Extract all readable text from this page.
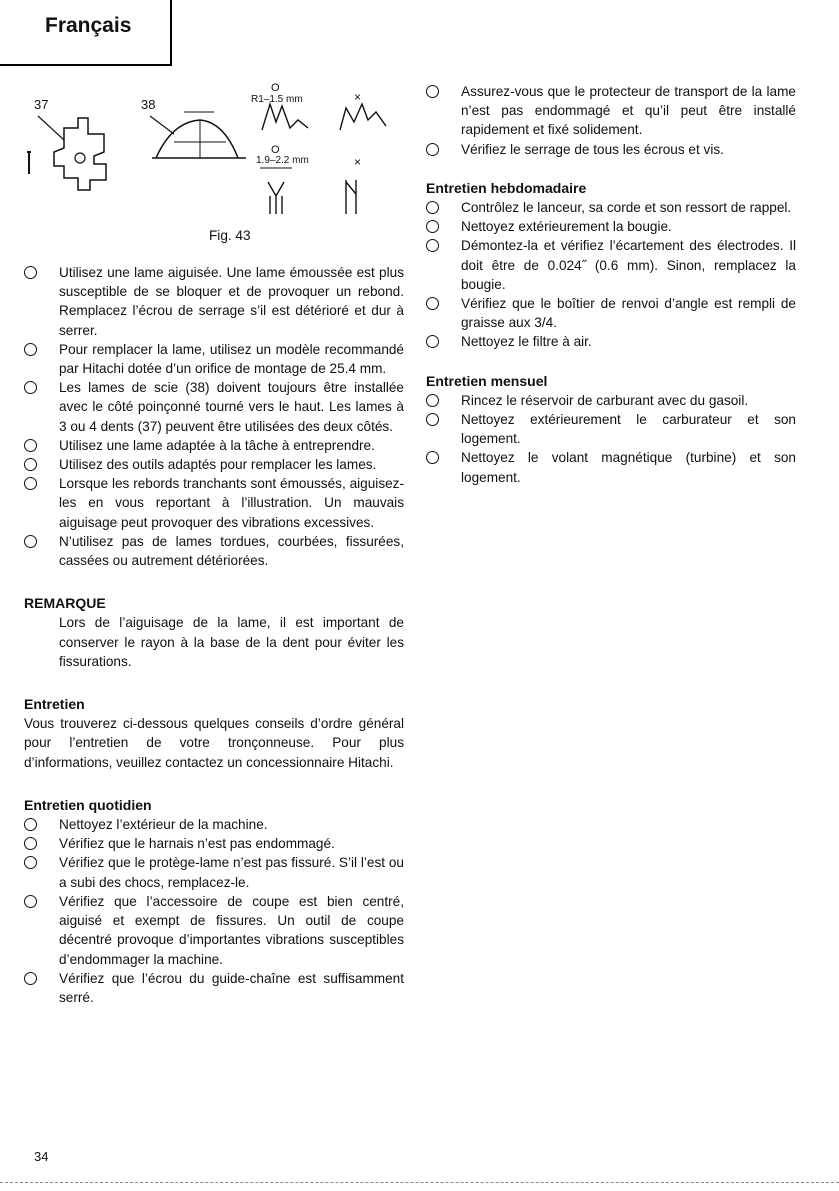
Français
37	38
O
R1–1.5 mm	×
O
1.9–2.2 mm	×
Fig. 43
Utilisez une lame aiguisée. Une lame émoussée est plus susceptible de se bloquer et de provoquer un rebond. Remplacez l’écrou de serrage s’il est détérioré et dur à serrer.
Pour remplacer la lame, utilisez un modèle recommandé par Hitachi dotée d’un orifice de montage de 25.4 mm.
Les lames de scie (38) doivent toujours être installée avec le côté poinçonné tourné vers le haut. Les lames à 3 ou 4 dents (37) peuvent être utilisées des deux côtés.
Utilisez une lame adaptée à la tâche à entreprendre.
Utilisez des outils adaptés pour remplacer les lames.
Lorsque les rebords tranchants sont émoussés, aiguisez-les en vous reportant à l’illustration. Un mauvais aiguisage peut provoquer des vibrations excessives.
N’utilisez pas de lames tordues, courbées, fissurées, cassées ou autrement détériorées.

REMARQUE

Lors de l’aiguisage de la lame, il est important de conserver le rayon à la base de la dent pour éviter les fissurations.

Entretien

Vous trouverez ci-dessous quelques conseils d’ordre général pour l’entretien de votre tronçonneuse. Pour plus d’informations, veuillez contactez un concessionnaire Hitachi.

Entretien quotidien

Nettoyez l’extérieur de la machine.
Vérifiez que le harnais n’est pas endommagé.
Vérifiez que le protège-lame n’est pas fissuré. S’il l’est ou a subi des chocs, remplacez-le.
Vérifiez que l’accessoire de coupe est bien centré, aiguisé et exempt de fissures. Un outil de coupe décentré provoque d’importantes vibrations susceptibles d’endommager la machine.
Vérifiez que l’écrou du guide-chaîne est suffisamment serré.
Assurez-vous que le protecteur de transport de la lame n’est pas endommagé et qu’il peut être installé rapidement et fixé solidement.
Vérifiez le serrage de tous les écrous et vis.

Entretien hebdomadaire

Contrôlez le lanceur, sa corde et son ressort de rappel.
Nettoyez extérieurement la bougie.
Démontez-la et vérifiez l’écartement des électrodes. Il doit être de 0.024˝ (0.6 mm). Sinon, remplacez la bougie.
Vérifiez que le boîtier de renvoi d’angle est rempli de graisse aux 3/4.
Nettoyez le filtre à air.

Entretien mensuel

Rincez le réservoir de carburant avec du gasoil.
Nettoyez extérieurement le carburateur et son logement.
Nettoyez le volant magnétique (turbine) et son logement.
34
